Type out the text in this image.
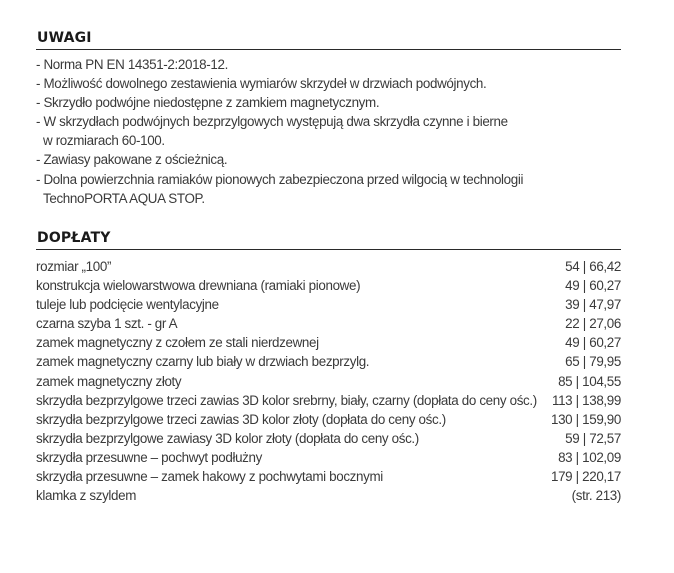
UWAGI
- Norma PN EN 14351-2:2018-12.
- Możliwość dowolnego zestawienia wymiarów skrzydeł w drzwiach podwójnych.
- Skrzydło podwójne niedostępne z zamkiem magnetycznym.
- W skrzydłach podwójnych bezprzylgowych występują dwa skrzydła czynne i bierne
w rozmiarach 60-100.
- Zawiasy pakowane z ościeżnicą.
- Dolna powierzchnia ramiaków pionowych zabezpieczona przed wilgocią w technologii
TechnoPORTA AQUA STOP.
DOPŁATY
rozmiar „100”	54 | 66,42
konstrukcja wielowarstwowa drewniana (ramiaki pionowe)	49 | 60,27
tuleje lub podcięcie wentylacyjne	39 | 47,97
czarna szyba 1 szt. - gr A	22 | 27,06
zamek magnetyczny z czołem ze stali nierdzewnej	49 | 60,27
zamek magnetyczny czarny lub biały w drzwiach bezprzylg.	65 | 79,95
zamek magnetyczny złoty	85 | 104,55
skrzydła bezprzylgowe trzeci zawias 3D kolor srebrny, biały, czarny (dopłata do ceny ośc.)	113 | 138,99
skrzydła bezprzylgowe trzeci zawias 3D kolor złoty (dopłata do ceny ośc.)	130 | 159,90
skrzydła bezprzylgowe zawiasy 3D kolor złoty (dopłata do ceny ośc.)	59 | 72,57
skrzydła przesuwne – pochwyt podłużny	83 | 102,09
skrzydła przesuwne – zamek hakowy z pochwytami bocznymi	179 | 220,17
klamka z szyldem	(str. 213)
